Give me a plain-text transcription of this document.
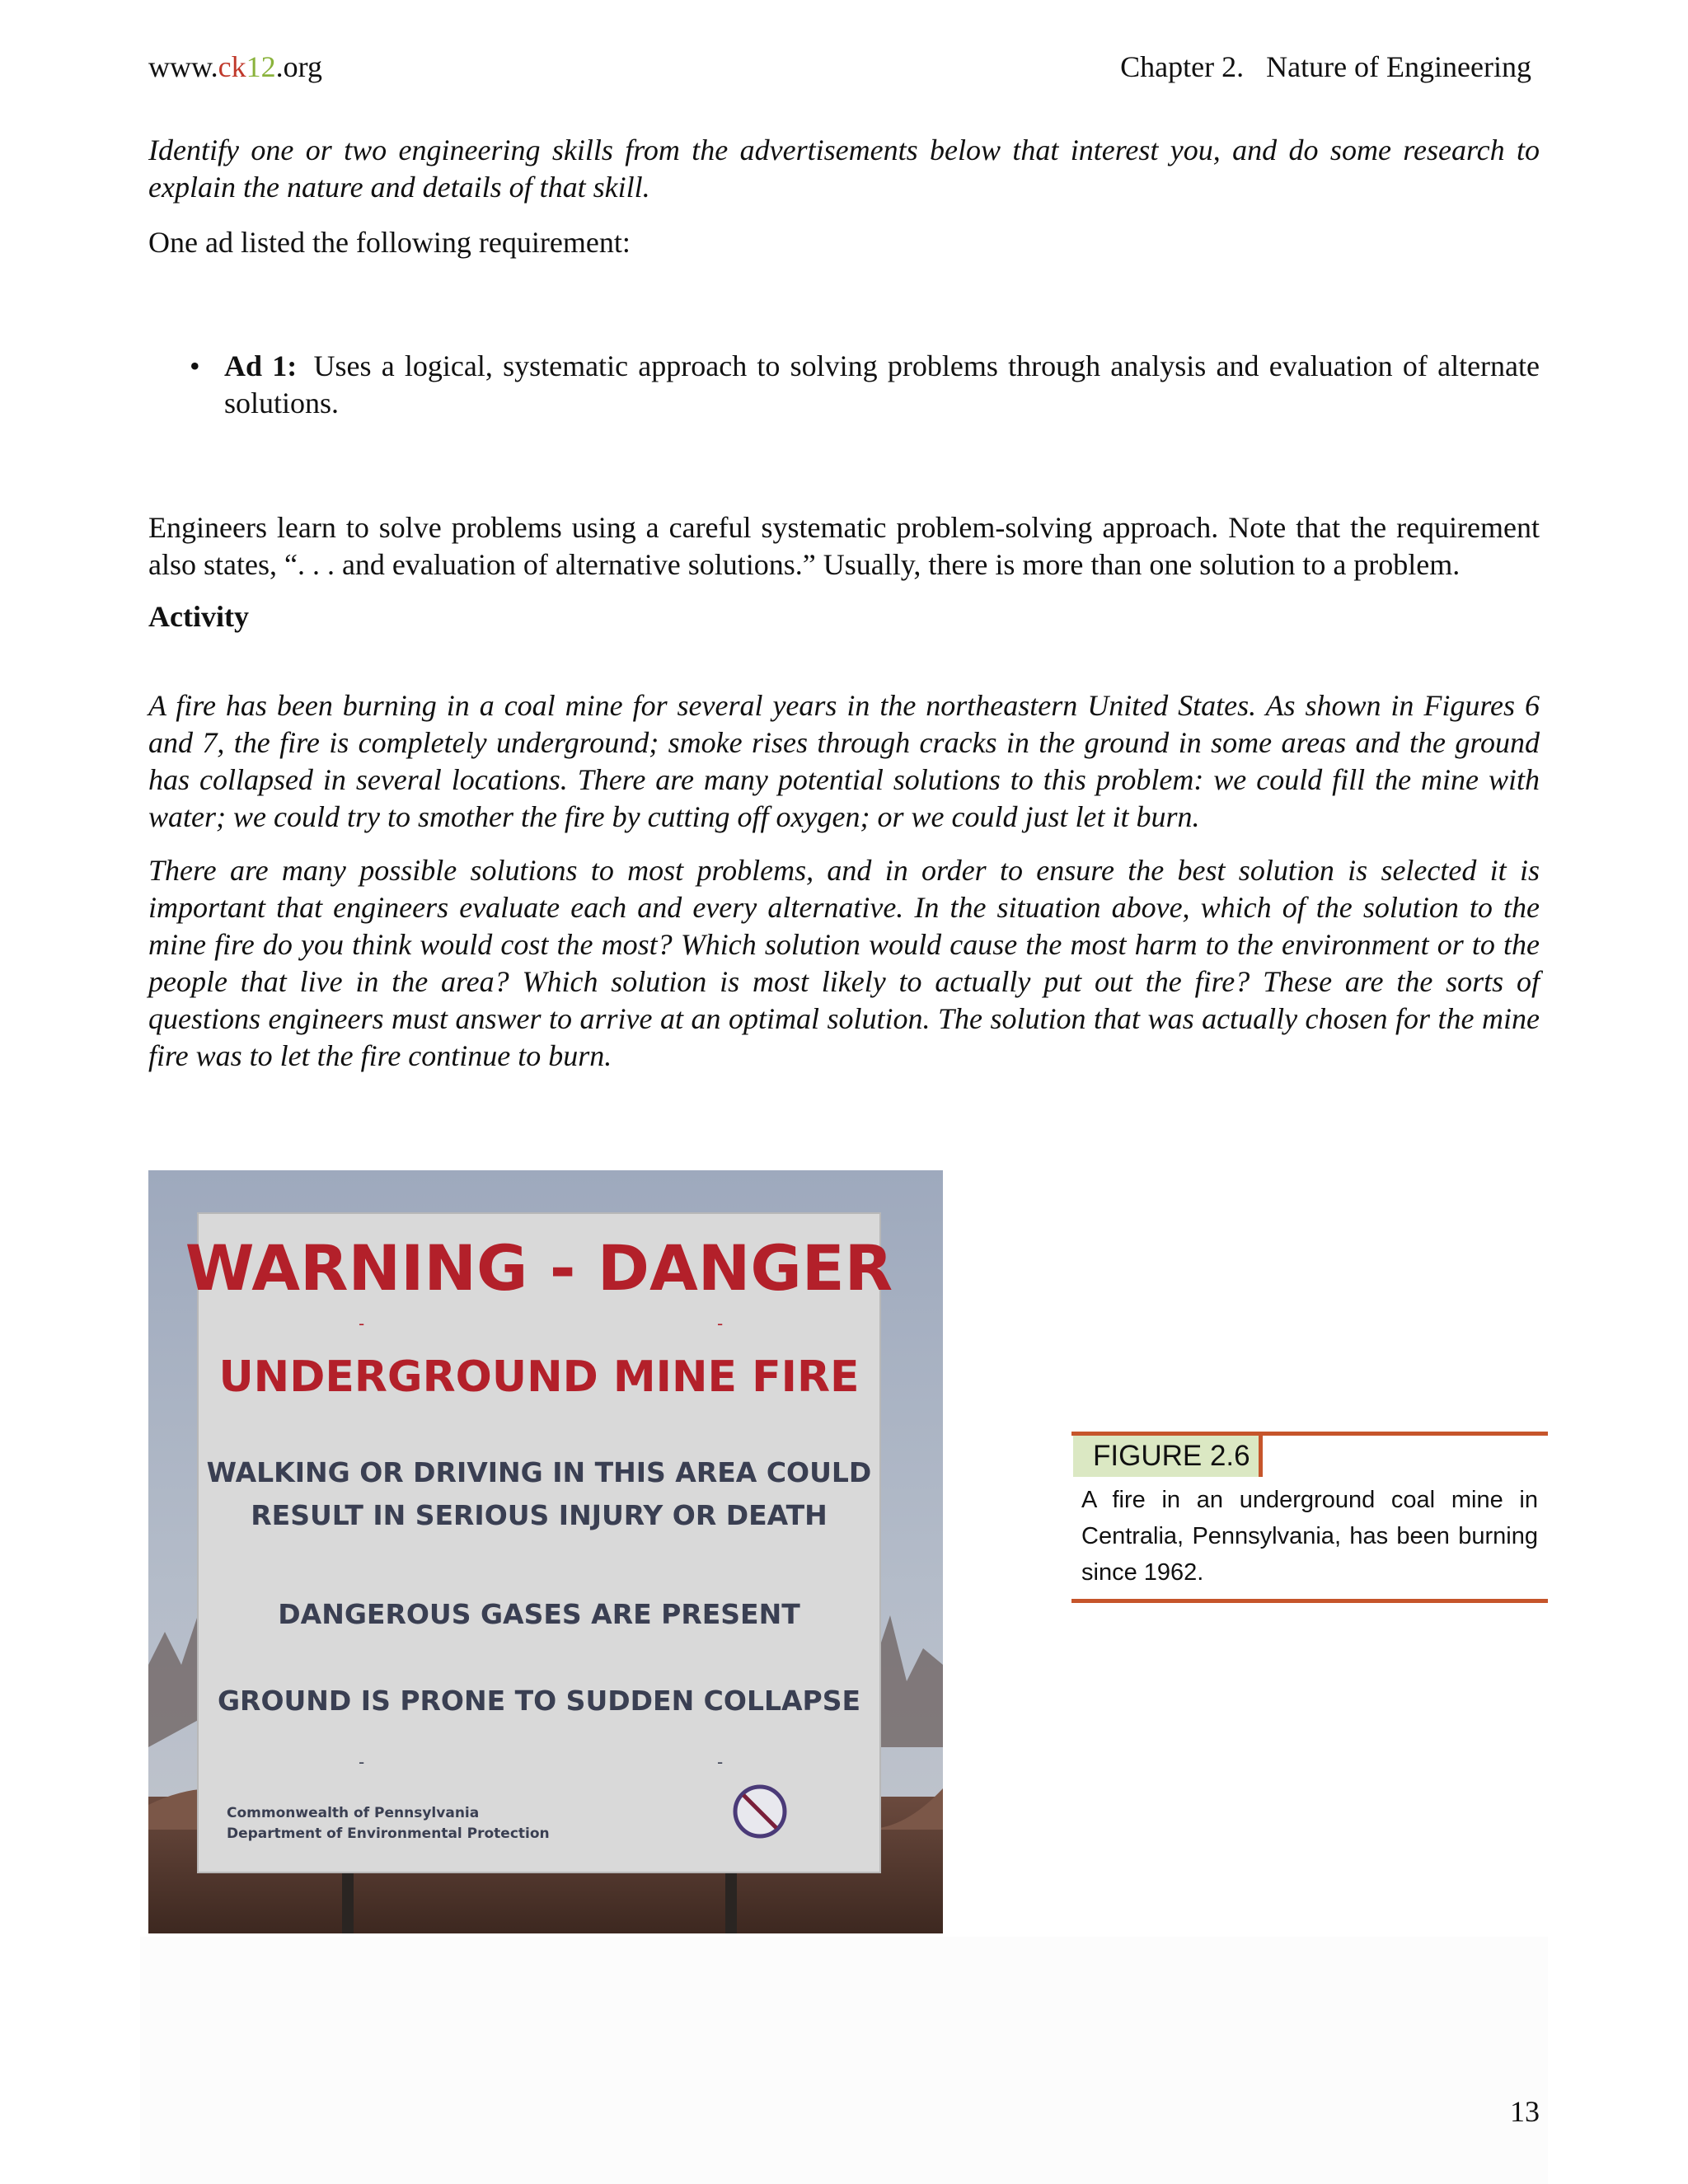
www.ck12.org	Chapter 2.   Nature of Engineering

Identify one or two engineering skills from the advertisements below that interest you, and do some research to explain the nature and details of that skill.

One ad listed the following requirement:

• Ad 1: Uses a logical, systematic approach to solving problems through analysis and evaluation of alternate solutions.

Engineers learn to solve problems using a careful systematic problem-solving approach. Note that the requirement also states, “. . . and evaluation of alternative solutions.” Usually, there is more than one solution to a problem.

Activity

A fire has been burning in a coal mine for several years in the northeastern United States. As shown in Figures 6 and 7, the fire is completely underground; smoke rises through cracks in the ground in some areas and the ground has collapsed in several locations. There are many potential solutions to this problem: we could fill the mine with water; we could try to smother the fire by cutting off oxygen; or we could just let it burn.

There are many possible solutions to most problems, and in order to ensure the best solution is selected it is important that engineers evaluate each and every alternative. In the situation above, which of the solution to the mine fire do you think would cost the most? Which solution would cause the most harm to the environment or to the people that live in the area? Which solution is most likely to actually put out the fire? These are the sorts of questions engineers must answer to arrive at an optimal solution. The solution that was actually chosen for the mine fire was to let the fire continue to burn.

WARNING - DANGER
UNDERGROUND MINE FIRE
WALKING OR DRIVING IN THIS AREA COULD
RESULT IN SERIOUS INJURY OR DEATH
DANGEROUS GASES ARE PRESENT
GROUND IS PRONE TO SUDDEN COLLAPSE
-	-
-	-
Commonwealth of Pennsylvania
Department of Environmental Protection
FIGURE 2.6
A fire in an underground coal mine in Centralia, Pennsylvania, has been burning since 1962.
13
